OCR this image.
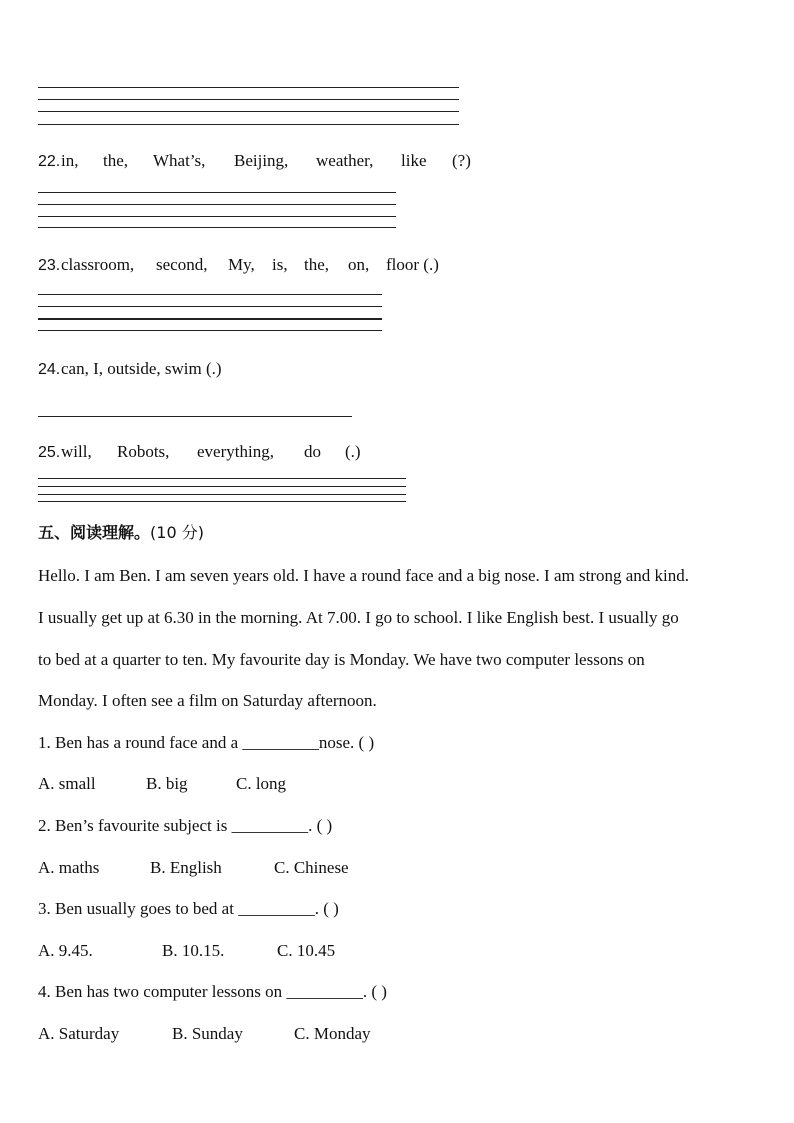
22. in, the, What’s, Beijing, weather, like (?)
23. classroom, second, My, is, the, on, floor (.)
24. can, I, outside, swim (.)
25. will, Robots, everything, do (.)
五、阅读理解。(10 分)
Hello. I am Ben. I am seven years old. I have a round face and a big nose. I am strong and kind.
I usually get up at 6.30 in the morning. At 7.00. I go to school. I like English best. I usually go
to bed at a quarter to ten. My favourite day is Monday. We have two computer lessons on
Monday. I often see a film on Saturday afternoon.
1. Ben has a round face and a _________nose. ( )
A. small	B. big	C. long
2. Ben’s favourite subject is _________. ( )
A. maths	B. English	C. Chinese
3. Ben usually goes to bed at _________. ( )
A. 9.45.	B. 10.15.	C. 10.45
4. Ben has two computer lessons on _________. ( )
A. Saturday	B. Sunday	C. Monday
